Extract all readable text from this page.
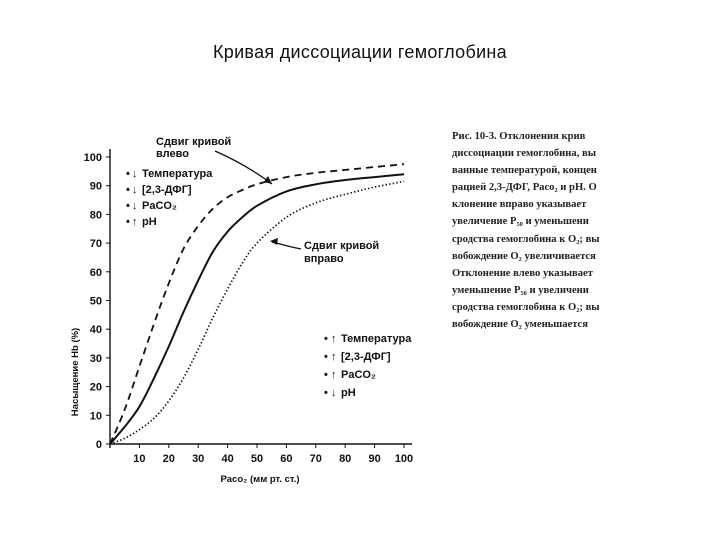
Кривая диссоциации гемоглобина
0
10
20
30
40
50
60
70
80
90
100
10 20 30 40 50 60 70 80 90 100
Насыщение Hb (%)
Paco₂ (мм рт. ст.)
Сдвиг кривой
влево
Сдвиг кривой
вправо
• ↓ Температура
• ↓ [2,3-ДФГ]
• ↓ PaCO₂
• ↑ pH
• ↑ Температура
• ↑ [2,3-ДФГ]
• ↑ PaCO₂
• ↓ pH
Рис. 10-3. Отклонения крив
диссоциации гемоглобина, вы
ванные температурой, концен
рацией 2,3-ДФГ, Paco₂ и pH. О
клонение вправо указывает
увеличение P₅₀ и уменьшени
сродства гемоглобина к O₂; вы
вобождение O₂ увеличивается
Отклонение влево указывает
уменьшение P₅₀ и увеличени
сродства гемоглобина к O₂; вы
вобождение O₂ уменьшается
